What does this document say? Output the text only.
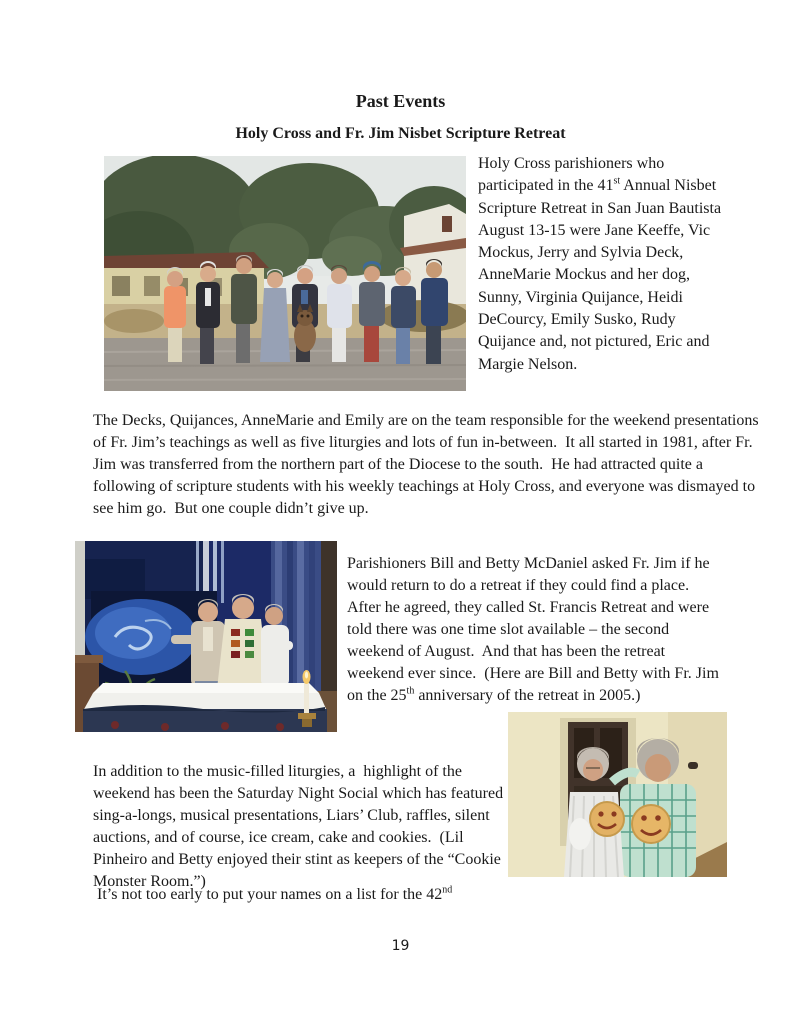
Past Events
Holy Cross and Fr. Jim Nisbet Scripture Retreat

Holy Cross parishioners who participated in the 41st Annual Nisbet Scripture Retreat in San Juan Bautista August 13-15 were Jane Keeffe, Vic Mockus, Jerry and Sylvia Deck, AnneMarie Mockus and her dog, Sunny, Virginia Quijance, Heidi DeCourcy, Emily Susko, Rudy Quijance and, not pictured, Eric and Margie Nelson.

The Decks, Quijances, AnneMarie and Emily are on the team responsible for the weekend presentations of Fr. Jim’s teachings as well as five liturgies and lots of fun in-between.  It all started in 1981, after Fr. Jim was transferred from the northern part of the Diocese to the south.  He had attracted quite a following of scripture students with his weekly teachings at Holy Cross, and everyone was dismayed to see him go.  But one couple didn’t give up.

Parishioners Bill and Betty McDaniel asked Fr. Jim if he would return to do a retreat if they could find a place.  After he agreed, they called St. Francis Retreat and were told there was one time slot available – the second weekend of August.  And that has been the retreat weekend ever since.  (Here are Bill and Betty with Fr. Jim on the 25th anniversary of the retreat in 2005.)

In addition to the music-filled liturgies, a  highlight of the weekend has been the Saturday Night Social which has featured sing-a-longs, musical presentations, Liars’ Club, raffles, silent auctions, and of course, ice cream, cake and cookies.  (Lil Pinheiro and Betty enjoyed their stint as keepers of the “Cookie Monster Room.”)

It’s not too early to put your names on a list for the 42nd

19
